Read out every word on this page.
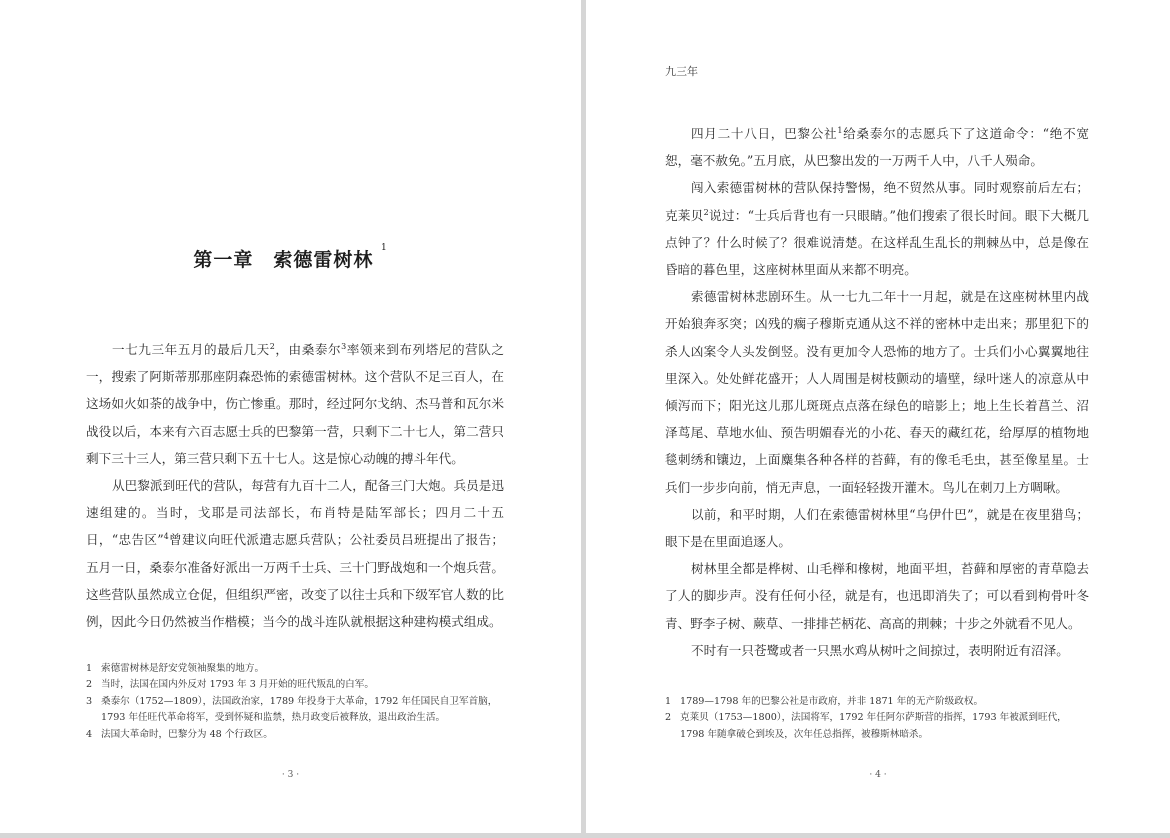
第一章　索德雷树林 $^1$

一七九三年五月的最后几天$^2$，由桑泰尔$^3$率领来到布列塔尼的营队之一，搜索了阿斯蒂那那座阴森恐怖的索德雷树林。这个营队不足三百人，在这场如火如荼的战争中，伤亡惨重。那时，经过阿尔戈纳、杰马普和瓦尔米战役以后，本来有六百志愿士兵的巴黎第一营，只剩下二十七人，第二营只剩下三十三人，第三营只剩下五十七人。这是惊心动魄的搏斗年代。

从巴黎派到旺代的营队，每营有九百十二人，配备三门大炮。兵员是迅速组建的。当时，戈耶是司法部长，布肖特是陆军部长；四月二十五日，“忠告区”$^4$曾建议向旺代派遣志愿兵营队；公社委员吕班提出了报告；五月一日，桑泰尔准备好派出一万两千士兵、三十门野战炮和一个炮兵营。这些营队虽然成立仓促，但组织严密，改变了以往士兵和下级军官人数的比例，因此今日仍然被当作楷模；当今的战斗连队就根据这种建构模式组成。

1 索德雷树林是舒安党领袖聚集的地方。
2 当时，法国在国内外反对 1793 年 3 月开始的旺代叛乱的白军。
3 桑泰尔（1752—1809），法国政治家，1789 年投身于大革命，1792 年任国民自卫军首脑，1793 年任旺代革命将军，受到怀疑和监禁，热月政变后被释放，退出政治生活。
4 法国大革命时，巴黎分为 48 个行政区。
· 3 ·
九三年

四月二十八日，巴黎公社$^1$给桑泰尔的志愿兵下了这道命令：“绝不宽恕，毫不赦免。”五月底，从巴黎出发的一万两千人中，八千人殒命。

闯入索德雷树林的营队保持警惕，绝不贸然从事。同时观察前后左右；克莱贝$^2$说过：“士兵后背也有一只眼睛。”他们搜索了很长时间。眼下大概几点钟了？什么时候了？很难说清楚。在这样乱生乱长的荆棘丛中，总是像在昏暗的暮色里，这座树林里面从来都不明亮。

索德雷树林悲剧环生。从一七九二年十一月起，就是在这座树林里内战开始狼奔豕突；凶残的瘸子穆斯克通从这不祥的密林中走出来；那里犯下的杀人凶案令人头发倒竖。没有更加令人恐怖的地方了。士兵们小心翼翼地往里深入。处处鲜花盛开；人人周围是树枝颤动的墙壁，绿叶迷人的凉意从中倾泻而下；阳光这儿那儿斑斑点点落在绿色的暗影上；地上生长着菖兰、沼泽茑尾、草地水仙、预告明媚春光的小花、春天的藏红花，给厚厚的植物地毯刺绣和镶边，上面麋集各种各样的苔藓，有的像毛毛虫，甚至像星星。士兵们一步步向前，悄无声息，一面轻轻拨开灌木。鸟儿在刺刀上方啁啾。

以前，和平时期，人们在索德雷树林里“乌伊什巴”，就是在夜里猎鸟；眼下是在里面追逐人。

树林里全都是桦树、山毛榉和橡树，地面平坦，苔藓和厚密的青草隐去了人的脚步声。没有任何小径，就是有，也迅即消失了；可以看到枸骨叶冬青、野李子树、蕨草、一排排芒柄花、高高的荆棘；十步之外就看不见人。

不时有一只苍鹭或者一只黑水鸡从树叶之间掠过，表明附近有沼泽。

1 1789—1798 年的巴黎公社是市政府，并非 1871 年的无产阶级政权。
2 克莱贝（1753—1800），法国将军，1792 年任阿尔萨斯营的指挥，1793 年被派到旺代，1798 年随拿破仑到埃及，次年任总指挥，被穆斯林暗杀。
· 4 ·
